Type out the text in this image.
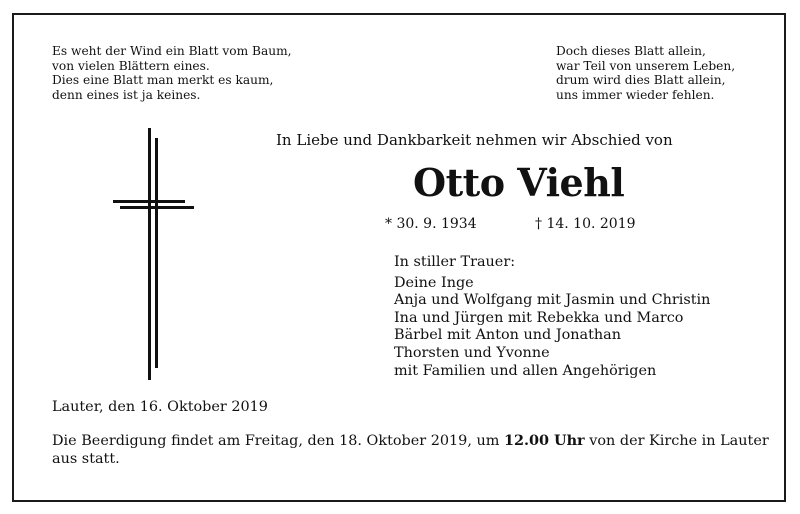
Es weht der Wind ein Blatt vom Baum,
von vielen Blättern eines.
Dies eine Blatt man merkt es kaum,
denn eines ist ja keines.
Doch dieses Blatt allein,
war Teil von unserem Leben,
drum wird dies Blatt allein,
uns immer wieder fehlen.
In Liebe und Dankbarkeit nehmen wir Abschied von
Otto Viehl
* 30. 9. 1934	† 14. 10. 2019
In stiller Trauer:
Deine Inge
Anja und Wolfgang mit Jasmin und Christin
Ina und Jürgen mit Rebekka und Marco
Bärbel mit Anton und Jonathan
Thorsten und Yvonne
mit Familien und allen Angehörigen
Lauter, den 16. Oktober 2019
Die Beerdigung findet am Freitag, den 18. Oktober 2019, um 12.00 Uhr von der Kirche in Lauter aus statt.
